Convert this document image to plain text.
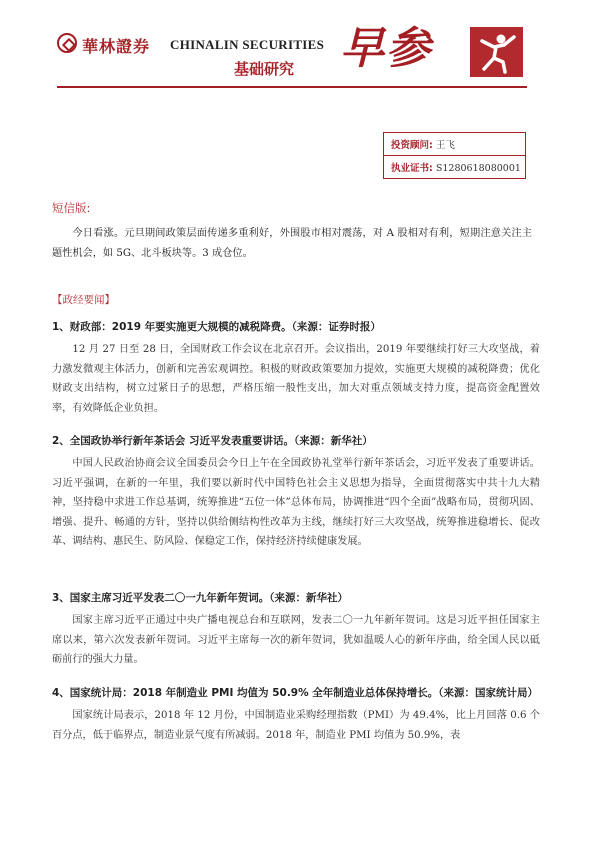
華林證券 CHINALIN SECURITIES
基础研究 早参
投资顾问: 王飞
执业证书: S1280618080001
短信版:
今日看涨。元旦期间政策层面传递多重利好，外围股市相对震荡，对 A 股相对有利，短期注意关注主题性机会，如 5G、北斗板块等。3 成仓位。
【政经要闻】
1、财政部：2019 年要实施更大规模的减税降费。（来源：证券时报）
12 月 27 日至 28 日，全国财政工作会议在北京召开。会议指出，2019 年要继续打好三大攻坚战，着力激发微观主体活力，创新和完善宏观调控。积极的财政政策要加力提效，实施更大规模的减税降费；优化财政支出结构，树立过紧日子的思想，严格压缩一般性支出，加大对重点领域支持力度，提高资金配置效率，有效降低企业负担。
2、全国政协举行新年茶话会 习近平发表重要讲话。（来源：新华社）
中国人民政治协商会议全国委员会今日上午在全国政协礼堂举行新年茶话会，习近平发表了重要讲话。习近平强调，在新的一年里，我们要以新时代中国特色社会主义思想为指导，全面贯彻落实中共十九大精神，坚持稳中求进工作总基调，统筹推进“五位一体”总体布局，协调推进“四个全面”战略布局，贯彻巩固、增强、提升、畅通的方针，坚持以供给侧结构性改革为主线，继续打好三大攻坚战，统筹推进稳增长、促改革、调结构、惠民生、防风险、保稳定工作，保持经济持续健康发展。
3、国家主席习近平发表二〇一九年新年贺词。（来源：新华社）
国家主席习近平正通过中央广播电视总台和互联网，发表二〇一九年新年贺词。这是习近平担任国家主席以来，第六次发表新年贺词。习近平主席每一次的新年贺词，犹如温暖人心的新年序曲，给全国人民以砥砺前行的强大力量。
4、国家统计局：2018 年制造业 PMI 均值为 50.9% 全年制造业总体保持增长。（来源：国家统计局）
国家统计局表示，2018 年 12 月份，中国制造业采购经理指数（PMI）为 49.4%，比上月回落 0.6 个百分点，低于临界点，制造业景气度有所减弱。2018 年，制造业 PMI 均值为 50.9%，表
